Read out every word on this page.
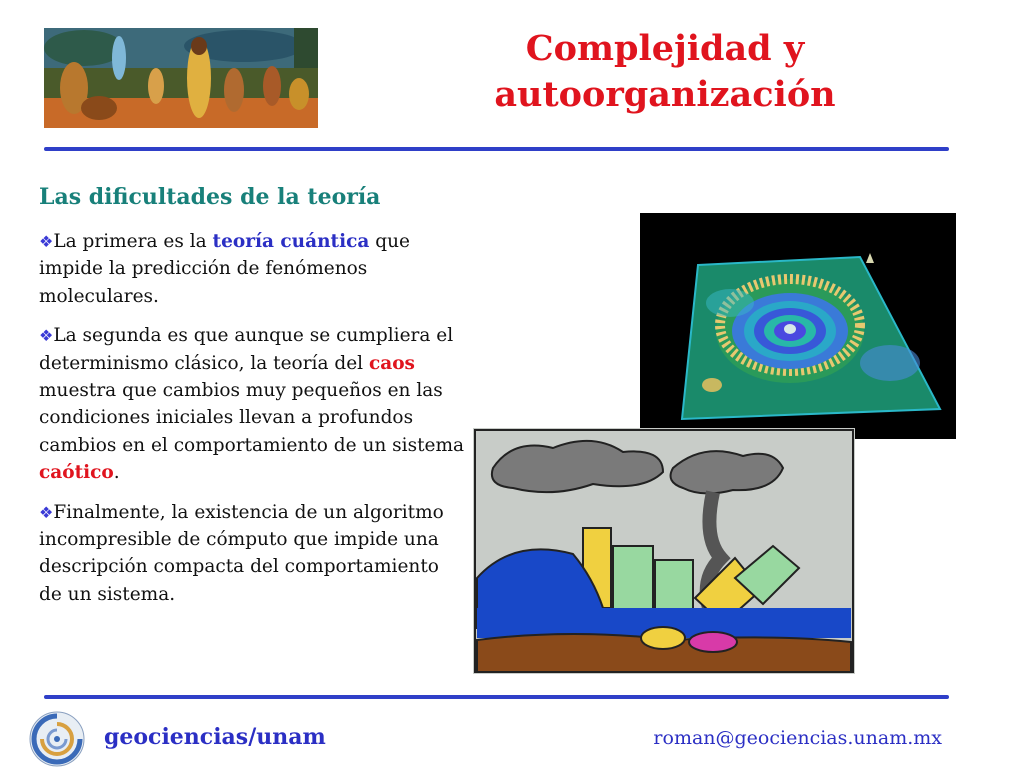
Complejidad y
autoorganización
Las dificultades de la teoría
❖La primera es la teoría cuántica que impide la predicción de fenómenos moleculares.
❖La segunda es que aunque se cumpliera el determinismo clásico, la teoría del caos muestra que cambios muy pequeños en las condiciones iniciales llevan a profundos cambios en el comportamiento de un sistema caótico.
❖Finalmente, la existencia de un algoritmo incompresible de cómputo que impide una descripción compacta del comportamiento de un sistema.

geociencias/unam	roman@geociencias.unam.mx
